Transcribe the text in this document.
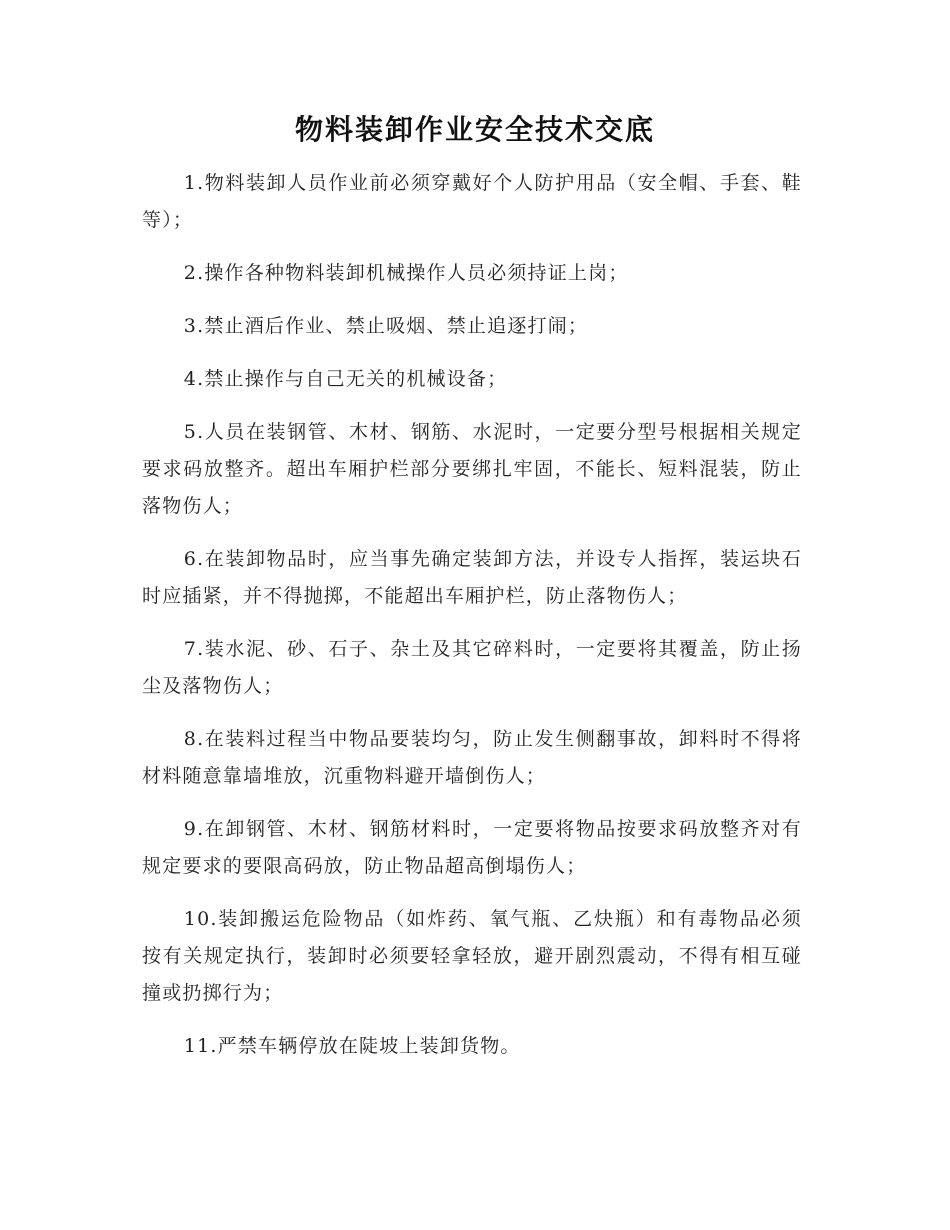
物料装卸作业安全技术交底

1.物料装卸人员作业前必须穿戴好个人防护用品（安全帽、手套、鞋等）；

2.操作各种物料装卸机械操作人员必须持证上岗；

3.禁止酒后作业、禁止吸烟、禁止追逐打闹；

4.禁止操作与自己无关的机械设备；

5.人员在装钢管、木材、钢筋、水泥时，一定要分型号根据相关规定要求码放整齐。超出车厢护栏部分要绑扎牢固，不能长、短料混装，防止落物伤人；

6.在装卸物品时，应当事先确定装卸方法，并设专人指挥，装运块石时应插紧，并不得抛掷，不能超出车厢护栏，防止落物伤人；

7.装水泥、砂、石子、杂土及其它碎料时，一定要将其覆盖，防止扬尘及落物伤人；

8.在装料过程当中物品要装均匀，防止发生侧翻事故，卸料时不得将材料随意靠墙堆放，沉重物料避开墙倒伤人；

9.在卸钢管、木材、钢筋材料时，一定要将物品按要求码放整齐对有规定要求的要限高码放，防止物品超高倒塌伤人；

10.装卸搬运危险物品（如炸药、氧气瓶、乙炔瓶）和有毒物品必须按有关规定执行，装卸时必须要轻拿轻放，避开剧烈震动，不得有相互碰撞或扔掷行为；

11.严禁车辆停放在陡坡上装卸货物。
